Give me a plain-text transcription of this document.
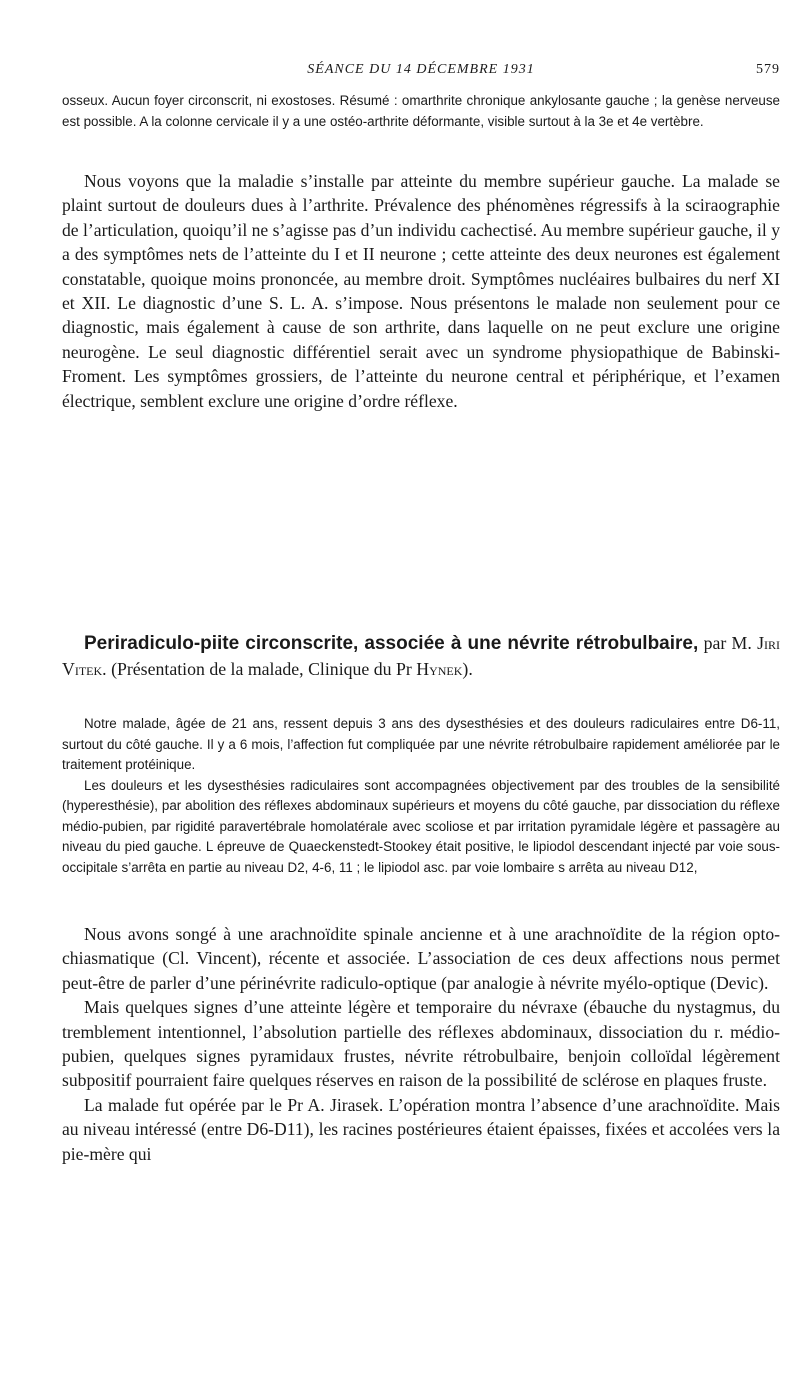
SÉANCE DU 14 DÉCEMBRE 1931	579

osseux. Aucun foyer circonscrit, ni exostoses. Résumé : omarthrite chronique ankylosante gauche ; la genèse nerveuse est possible. A la colonne cervicale il y a une ostéo-arthrite déformante, visible surtout à la 3e et 4e vertèbre.

Nous voyons que la maladie s’installe par atteinte du membre supérieur gauche. La malade se plaint surtout de douleurs dues à l’arthrite. Prévalence des phénomènes régressifs à la sciraographie de l’articulation, quoiqu’il ne s’agisse pas d’un individu cachectisé. Au membre supérieur gauche, il y a des symptômes nets de l’atteinte du I et II neurone ; cette atteinte des deux neurones est également constatable, quoique moins prononcée, au membre droit. Symptômes nucléaires bulbaires du nerf XI et XII. Le diagnostic d’une S. L. A. s’impose. Nous présentons le malade non seulement pour ce diagnostic, mais également à cause de son arthrite, dans laquelle on ne peut exclure une origine neurogène. Le seul diagnostic différentiel serait avec un syndrome physiopathique de Babinski-Froment. Les symptômes grossiers, de l’atteinte du neurone central et périphérique, et l’examen électrique, semblent exclure une origine d’ordre réflexe.

Periradiculo-piite circonscrite, associée à une névrite rétrobulbaire, par M. Jiri Vitek. (Présentation de la malade, Clinique du Pr Hynek).

Notre malade, âgée de 21 ans, ressent depuis 3 ans des dysesthésies et des douleurs radiculaires entre D6-11, surtout du côté gauche. Il y a 6 mois, l’affection fut compliquée par une névrite rétrobulbaire rapidement améliorée par le traitement protéinique.

Les douleurs et les dysesthésies radiculaires sont accompagnées objectivement par des troubles de la sensibilité (hyperesthésie), par abolition des réflexes abdominaux supérieurs et moyens du côté gauche, par dissociation du réflexe médio-pubien, par rigidité paravertébrale homolatérale avec scoliose et par irritation pyramidale légère et passagère au niveau du pied gauche. L épreuve de Quaeckenstedt-Stookey était positive, le lipiodol descendant injecté par voie sous-occipitale s’arrêta en partie au niveau D2, 4-6, 11 ; le lipiodol asc. par voie lombaire s arrêta au niveau D12,

Nous avons songé à une arachnoïdite spinale ancienne et à une arachnoïdite de la région opto-chiasmatique (Cl. Vincent), récente et associée. L’association de ces deux affections nous permet peut-être de parler d’une périnévrite radiculo-optique (par analogie à névrite myélo-optique (Devic).

Mais quelques signes d’une atteinte légère et temporaire du névraxe (ébauche du nystagmus, du tremblement intentionnel, l’absolution partielle des réflexes abdominaux, dissociation du r. médio-pubien, quelques signes pyramidaux frustes, névrite rétrobulbaire, benjoin colloïdal légèrement subpositif pourraient faire quelques réserves en raison de la possibilité de sclérose en plaques fruste.

La malade fut opérée par le Pr A. Jirasek. L’opération montra l’absence d’une arachnoïdite. Mais au niveau intéressé (entre D6-D11), les racines postérieures étaient épaisses, fixées et accolées vers la pie-mère qui
